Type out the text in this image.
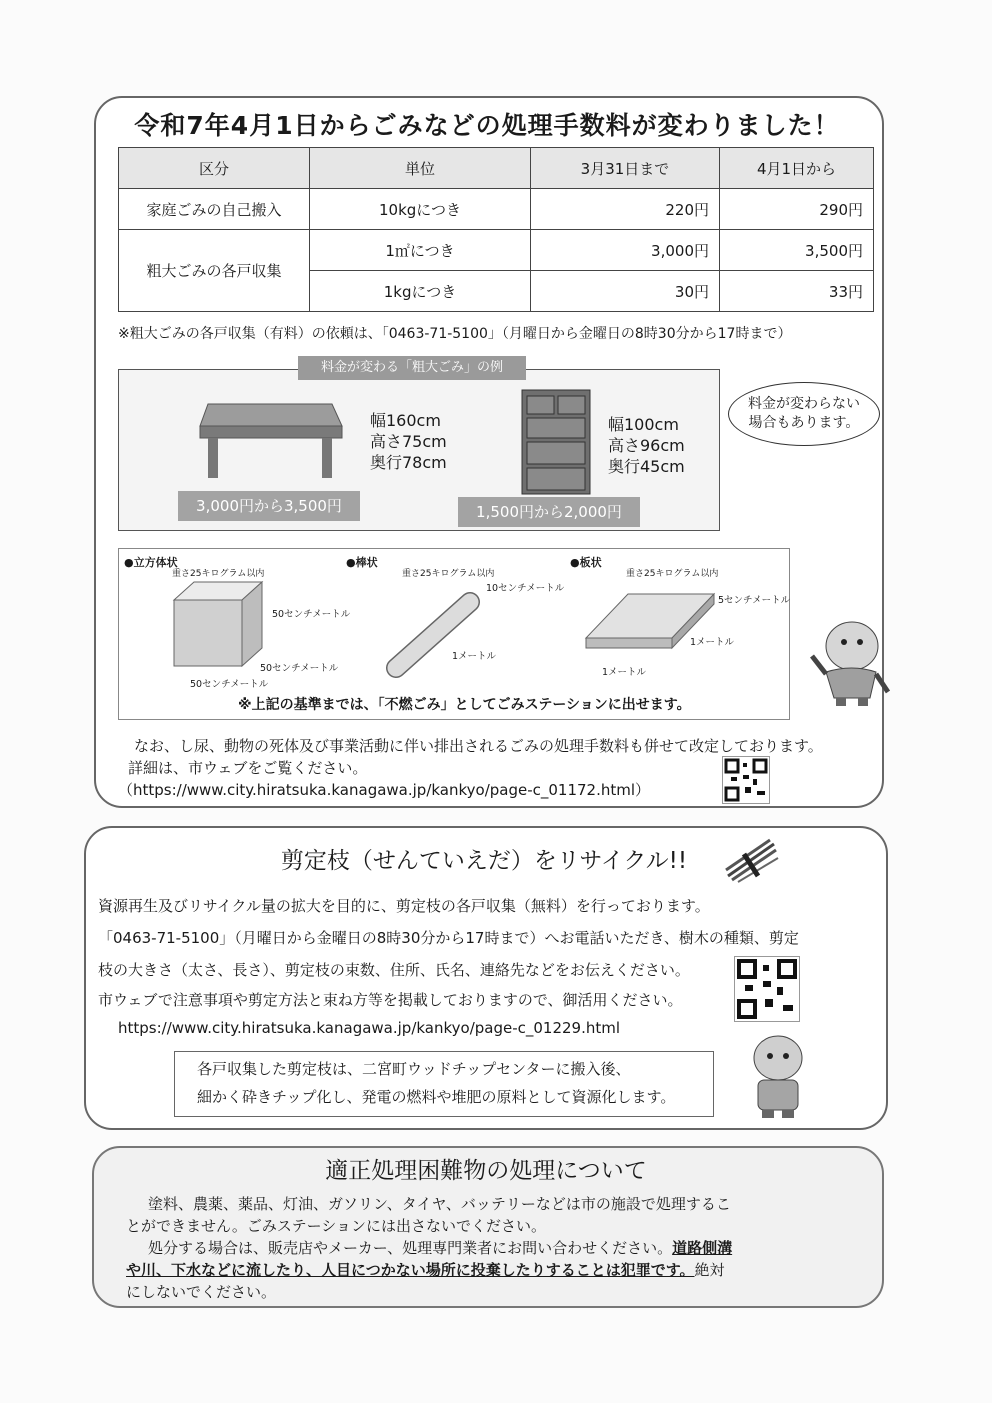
令和7年4月1日からごみなどの処理手数料が変わりました！
区分	単位	3月31日まで	4月1日から
家庭ごみの自己搬入	10kgにつき	220円	290円
粗大ごみの各戸収集	1㎡につき	3,000円	3,500円
	1kgにつき	30円	33円
※粗大ごみの各戸収集（有料）の依頼は、「0463-71-5100」（月曜日から金曜日の8時30分から17時まで）
料金が変わる「粗大ごみ」の例
幅160cm
高さ75cm
奥行78cm
3,000円から3,500円
幅100cm
高さ96cm
奥行45cm
1,500円から2,000円
料金が変わらない場合もあります。
●立方体状
重さ25キログラム以内
50センチメートル
50センチメートル
50センチメートル
●棒状
重さ25キログラム以内
10センチメートル
1メートル
●板状
重さ25キログラム以内
5センチメートル
1メートル
1メートル
※上記の基準までは、「不燃ごみ」としてごみステーションに出せます。
なお、し尿、動物の死体及び事業活動に伴い排出されるごみの処理手数料も併せて改定しております。
詳細は、市ウェブをご覧ください。
（https://www.city.hiratsuka.kanagawa.jp/kankyo/page-c_01172.html）
剪定枝（せんていえだ）をリサイクル!!
資源再生及びリサイクル量の拡大を目的に、剪定枝の各戸収集（無料）を行っております。
「0463-71-5100」（月曜日から金曜日の8時30分から17時まで）へお電話いただき、樹木の種類、剪定
枝の大きさ（太さ、長さ）、剪定枝の束数、住所、氏名、連絡先などをお伝えください。
市ウェブで注意事項や剪定方法と束ね方等を掲載しておりますので、御活用ください。
https://www.city.hiratsuka.kanagawa.jp/kankyo/page-c_01229.html
各戸収集した剪定枝は、二宮町ウッドチップセンターに搬入後、
細かく砕きチップ化し、発電の燃料や堆肥の原料として資源化します。
適正処理困難物の処理について
塗料、農薬、薬品、灯油、ガソリン、タイヤ、バッテリーなどは市の施設で処理するこ
とができません。ごみステーションには出さないでください。
処分する場合は、販売店やメーカー、処理専門業者にお問い合わせください。道路側溝
や川、下水などに流したり、人目につかない場所に投棄したりすることは犯罪です。絶対
にしないでください。
